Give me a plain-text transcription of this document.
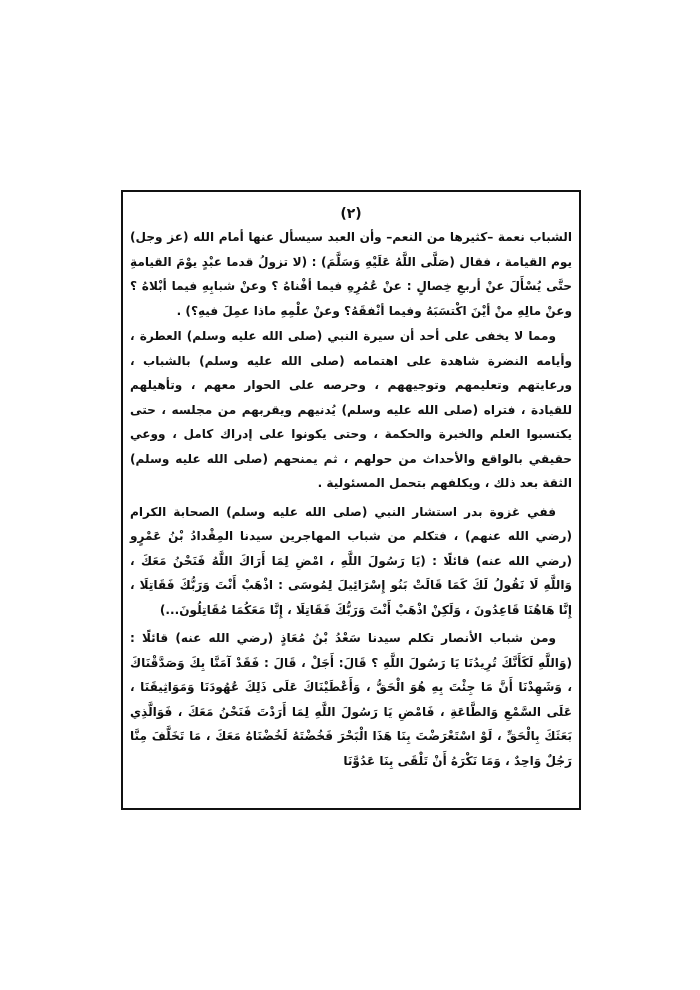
(٢)

الشباب نعمة –كثيرها من النعم– وأن العبد سيسأل عنها أمام الله (عز وجل) يوم القيامة ، فقال (صَلَّى اللَّهُ عَلَيْهِ وَسَلَّمَ) : (لا تزولُ قدما عبْدٍ يوْمَ القيامةِ حتَّى يُسْأَلَ عنْ أربعِ خِصالٍ : عنْ عُمُرِهِ فيما أفْناهُ ؟ وعنْ شبابِهِ فيما أبْلاهُ ؟ وعنْ مالِهِ منْ أيْنَ اكْتسَبَهُ وفيما أنْفقَهُ؟ وعنْ علْمِهِ ماذا عمِلَ فيهِ؟) .

ومما لا يخفى على أحد أن سيرة النبي (صلى الله عليه وسلم) العطرة ، وأيامه النضرة شاهدة على اهتمامه (صلى الله عليه وسلم) بالشباب ، ورعايتهم وتعليمهم وتوجيههم ، وحرصه على الحوار معهم ، وتأهيلهم للقيادة ، فتراه (صلى الله عليه وسلم) يُدنيهم ويقربهم من مجلسه ، حتى يكتسبوا العلم والخبرة والحكمة ، وحتى يكونوا على إدراك كامل ، ووعي حقيقي بالواقع والأحداث من حولهم ، ثم يمنحهم (صلى الله عليه وسلم) الثقة بعد ذلك ، ويكلفهم بتحمل المسئولية .

ففي غزوة بدر استشار النبي (صلى الله عليه وسلم) الصحابة الكرام (رضي الله عنهم) ، فتكلم من شباب المهاجرين سيدنا المِقْدادُ بْنُ عَمْرٍو (رضي الله عنه) قائلًا : (يَا رَسُولَ اللَّهِ ، امْضِ لِمَا أَرَاكَ اللَّهُ فَنَحْنُ مَعَكَ ، وَاللَّهِ لَا نَقُولُ لَكَ كَمَا قَالَتْ بَنُو إِسْرَائِيلَ لِمُوسَى : اذْهَبْ أَنْتَ وَرَبُّكَ فَقَاتِلَا ، إِنَّا هَاهُنَا قَاعِدُونَ ، وَلَكِنْ اذْهَبْ أَنْتَ وَرَبُّكَ فَقَاتِلَا ، إِنَّا مَعَكُمَا مُقَاتِلُونَ...)

ومن شباب الأنصار تكلم سيدنا سَعْدُ بْنُ مُعَاذٍ (رضي الله عنه) قائلًا : (وَاللَّهِ لَكَأَنَّكَ تُرِيدُنَا يَا رَسُولَ اللَّهِ ؟ قَالَ: أَجَلْ ، قَالَ : فَقَدْ آمَنَّا بِكَ وَصَدَّقْنَاكَ ، وَشَهِدْنَا أَنَّ مَا جِئْتَ بِهِ هُوَ الْحَقُّ ، وَأَعْطَيْنَاكَ عَلَى ذَلِكَ عُهُودَنَا وَمَوَاثِيقَنَا ، عَلَى السَّمْعِ وَالطَّاعَةِ ، فَامْضِ يَا رَسُولَ اللَّهِ لِمَا أَرَدْتَ فَنَحْنُ مَعَكَ ، فَوَالَّذِي بَعَثَكَ بِالْحَقِّ ، لَوْ اسْتَعْرَضْتَ بِنَا هَذَا الْبَحْرَ فَخُضْتَهُ لَخُضْنَاهُ مَعَكَ ، مَا تَخَلَّفَ مِنَّا رَجُلٌ وَاحِدٌ ، وَمَا نَكْرَهُ أَنْ تَلْقَى بِنَا عَدُوَّنَا
